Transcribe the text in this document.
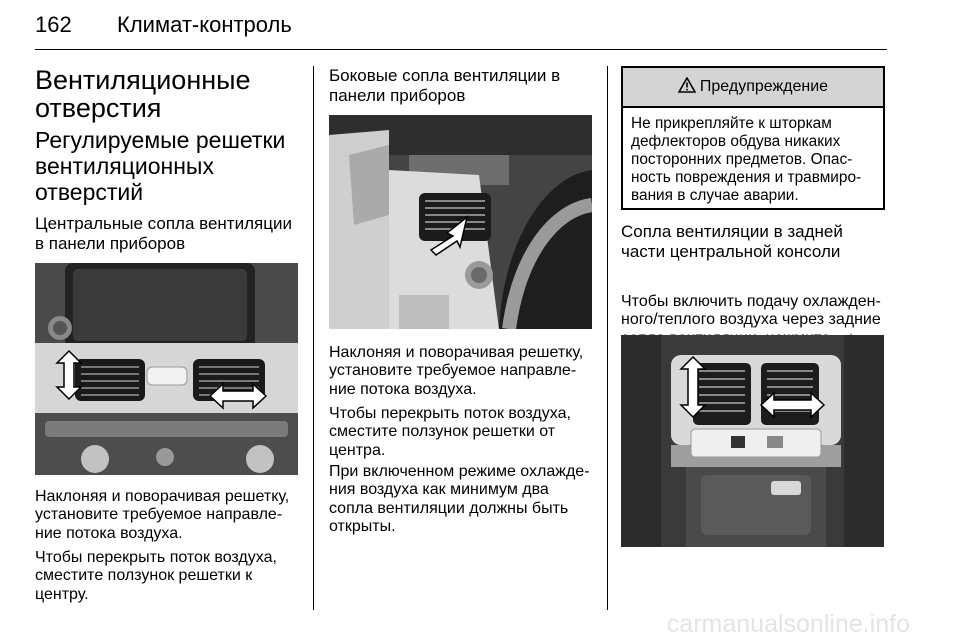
162 Климат-контроль
Вентиляционные отверстия
Регулируемые решетки вентиляционных отверстий
Центральные сопла вентиляции в панели приборов
Наклоняя и поворачивая решетку, установите требуемое направле-ние потока воздуха.
Чтобы перекрыть поток воздуха, сместите ползунок решетки к центру.
Боковые сопла вентиляции в панели приборов
Наклоняя и поворачивая решетку, установите требуемое направле-ние потока воздуха.
Чтобы перекрыть поток воздуха, сместите ползунок решетки от центра.
При включенном режиме охлажде-ния воздуха как минимум два сопла вентиляции должны быть открыты.
Предупреждение
Не прикрепляйте к шторкам дефлекторов обдува никаких посторонних предметов. Опас-ность повреждения и травмиро-вания в случае аварии.
Сопла вентиляции в задней части центральной консоли
Чтобы включить подачу охлажден-ного/теплого воздуха через задние
carmanualsonline.info
